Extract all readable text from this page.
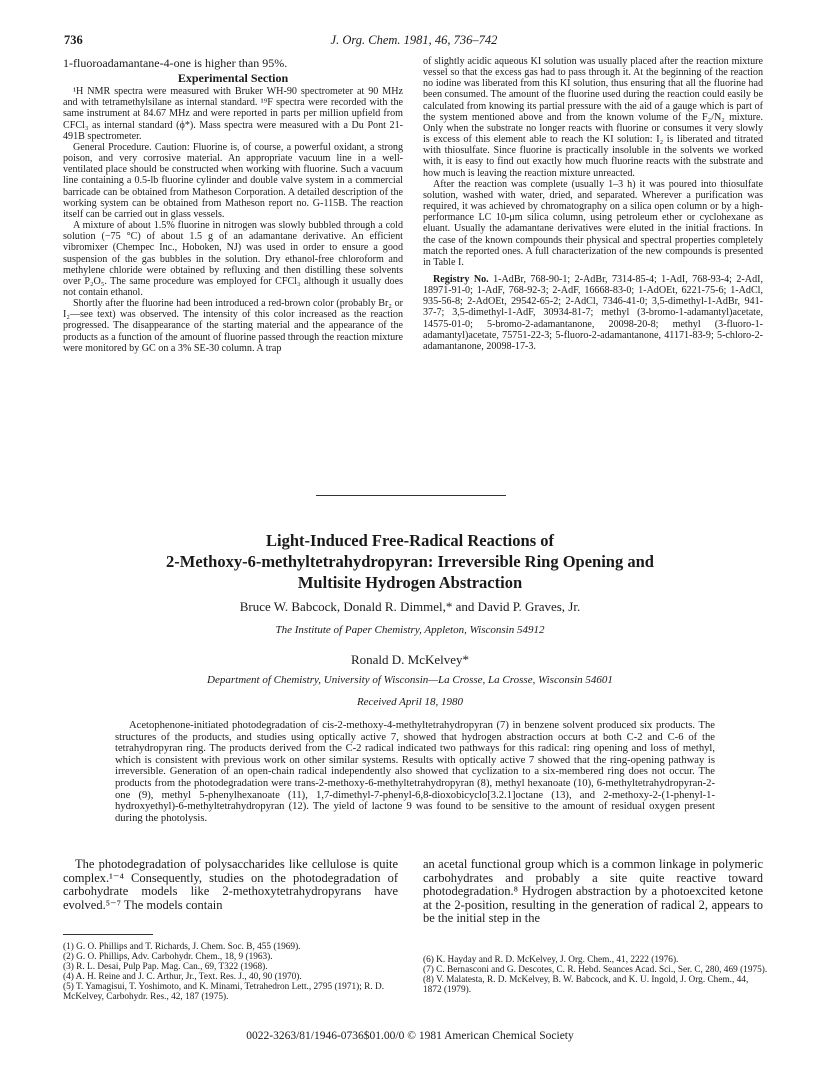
736	J. Org. Chem. 1981, 46, 736–742

1-fluoroadamantane-4-one is higher than 95%.

Experimental Section

¹H NMR spectra were measured with Bruker WH-90 spectrometer at 90 MHz and with tetramethylsilane as internal standard. ¹⁹F spectra were recorded with the same instrument at 84.67 MHz and were reported in parts per million upfield from CFCl₃ as internal standard (ϕ*). Mass spectra were measured with a Du Pont 21-491B spectrometer.

General Procedure. Caution: Fluorine is, of course, a powerful oxidant, a strong poison, and very corrosive material. An appropriate vacuum line in a well-ventilated place should be constructed when working with fluorine. Such a vacuum line containing a 0.5-lb fluorine cylinder and double valve system in a commercial barricade can be obtained from Matheson Corporation. A detailed description of the working system can be obtained from Matheson report no. G-115B. The reaction itself can be carried out in glass vessels.

A mixture of about 1.5% fluorine in nitrogen was slowly bubbled through a cold solution (−75 °C) of about 1.5 g of an adamantane derivative. An efficient vibromixer (Chempec Inc., Hoboken, NJ) was used in order to ensure a good suspension of the gas bubbles in the solution. Dry ethanol-free chloroform and methylene chloride were obtained by refluxing and then distilling these solvents over P₂O₅. The same procedure was employed for CFCl₃ although it usually does not contain ethanol.

Shortly after the fluorine had been introduced a red-brown color (probably Br₂ or I₂—see text) was observed. The intensity of this color increased as the reaction progressed. The disappearance of the starting material and the appearance of the products as a function of the amount of fluorine passed through the reaction mixture were monitored by GC on a 3% SE-30 column. A trap

of slightly acidic aqueous KI solution was usually placed after the reaction mixture vessel so that the excess gas had to pass through it. At the beginning of the reaction no iodine was liberated from this KI solution, thus ensuring that all the fluorine had been consumed. The amount of the fluorine used during the reaction could easily be calculated from knowing its partial pressure with the aid of a gauge which is part of the system mentioned above and from the known volume of the F₂/N₂ mixture. Only when the substrate no longer reacts with fluorine or consumes it very slowly is excess of this element able to reach the KI solution: I₂ is liberated and titrated with thiosulfate. Since fluorine is practically insoluble in the solvents we worked with, it is easy to find out exactly how much fluorine reacts with the substrate and how much is leaving the reaction mixture unreacted.

After the reaction was complete (usually 1–3 h) it was poured into thiosulfate solution, washed with water, dried, and separated. Wherever a purification was required, it was achieved by chromatography on a silica open column or by a high-performance LC 10-μm silica column, using petroleum ether or cyclohexane as eluant. Usually the adamantane derivatives were eluted in the initial fractions. In the case of the known compounds their physical and spectral properties completely match the reported ones. A full characterization of the new compounds is presented in Table I.

Registry No. 1-AdBr, 768-90-1; 2-AdBr, 7314-85-4; 1-AdI, 768-93-4; 2-AdI, 18971-91-0; 1-AdF, 768-92-3; 2-AdF, 16668-83-0; 1-AdOEt, 6221-75-6; 1-AdCl, 935-56-8; 2-AdOEt, 29542-65-2; 2-AdCl, 7346-41-0; 3,5-dimethyl-1-AdBr, 941-37-7; 3,5-dimethyl-1-AdF, 30934-81-7; methyl (3-bromo-1-adamantyl)acetate, 14575-01-0; 5-bromo-2-adamantanone, 20098-20-8; methyl (3-fluoro-1-adamantyl)acetate, 75751-22-3; 5-fluoro-2-adamantanone, 41171-83-9; 5-chloro-2-adamantanone, 20098-17-3.

Light-Induced Free-Radical Reactions of
2-Methoxy-6-methyltetrahydropyran: Irreversible Ring Opening and
Multisite Hydrogen Abstraction
Bruce W. Babcock, Donald R. Dimmel,* and David P. Graves, Jr.
The Institute of Paper Chemistry, Appleton, Wisconsin 54912
Ronald D. McKelvey*
Department of Chemistry, University of Wisconsin—La Crosse, La Crosse, Wisconsin 54601
Received April 18, 1980
Acetophenone-initiated photodegradation of cis-2-methoxy-4-methyltetrahydropyran (7) in benzene solvent produced six products. The structures of the products, and studies using optically active 7, showed that hydrogen abstraction occurs at both C-2 and C-6 of the tetrahydropyran ring. The products derived from the C-2 radical indicated two pathways for this radical: ring opening and loss of methyl, which is consistent with previous work on other similar systems. Results with optically active 7 showed that the ring-opening pathway is irreversible. Generation of an open-chain radical independently also showed that cyclization to a six-membered ring does not occur. The products from the photodegradation were trans-2-methoxy-6-methyltetrahydropyran (8), methyl hexanoate (10), 6-methyltetrahydropyran-2-one (9), methyl 5-phenylhexanoate (11), 1,7-dimethyl-7-phenyl-6,8-dioxobicyclo[3.2.1]octane (13), and 2-methoxy-2-(1-phenyl-1-hydroxyethyl)-6-methyltetrahydropyran (12). The yield of lactone 9 was found to be sensitive to the amount of residual oxygen present during the photolysis.
The photodegradation of polysaccharides like cellulose is quite complex.¹⁻⁴ Consequently, studies on the photodegradation of carbohydrate models like 2-methoxytetrahydropyrans have evolved.⁵⁻⁷ The models contain
an acetal functional group which is a common linkage in polymeric carbohydrates and probably a site quite reactive toward photodegradation.⁸ Hydrogen abstraction by a photoexcited ketone at the 2-position, resulting in the generation of radical 2, appears to be the initial step in the

(1) G. O. Phillips and T. Richards, J. Chem. Soc. B, 455 (1969).

(2) G. O. Phillips, Adv. Carbohydr. Chem., 18, 9 (1963).

(3) R. L. Desai, Pulp Pap. Mag. Can., 69, T322 (1968).

(4) A. H. Reine and J. C. Arthur, Jr., Text. Res. J., 40, 90 (1970).

(5) T. Yamagisui, T. Yoshimoto, and K. Minami, Tetrahedron Lett., 2795 (1971); R. D. McKelvey, Carbohydr. Res., 42, 187 (1975).

(6) K. Hayday and R. D. McKelvey, J. Org. Chem., 41, 2222 (1976).

(7) C. Bernasconi and G. Descotes, C. R. Hebd. Seances Acad. Sci., Ser. C, 280, 469 (1975).

(8) V. Malatesta, R. D. McKelvey, B. W. Babcock, and K. U. Ingold, J. Org. Chem., 44, 1872 (1979).

0022-3263/81/1946-0736$01.00/0 © 1981 American Chemical Society
